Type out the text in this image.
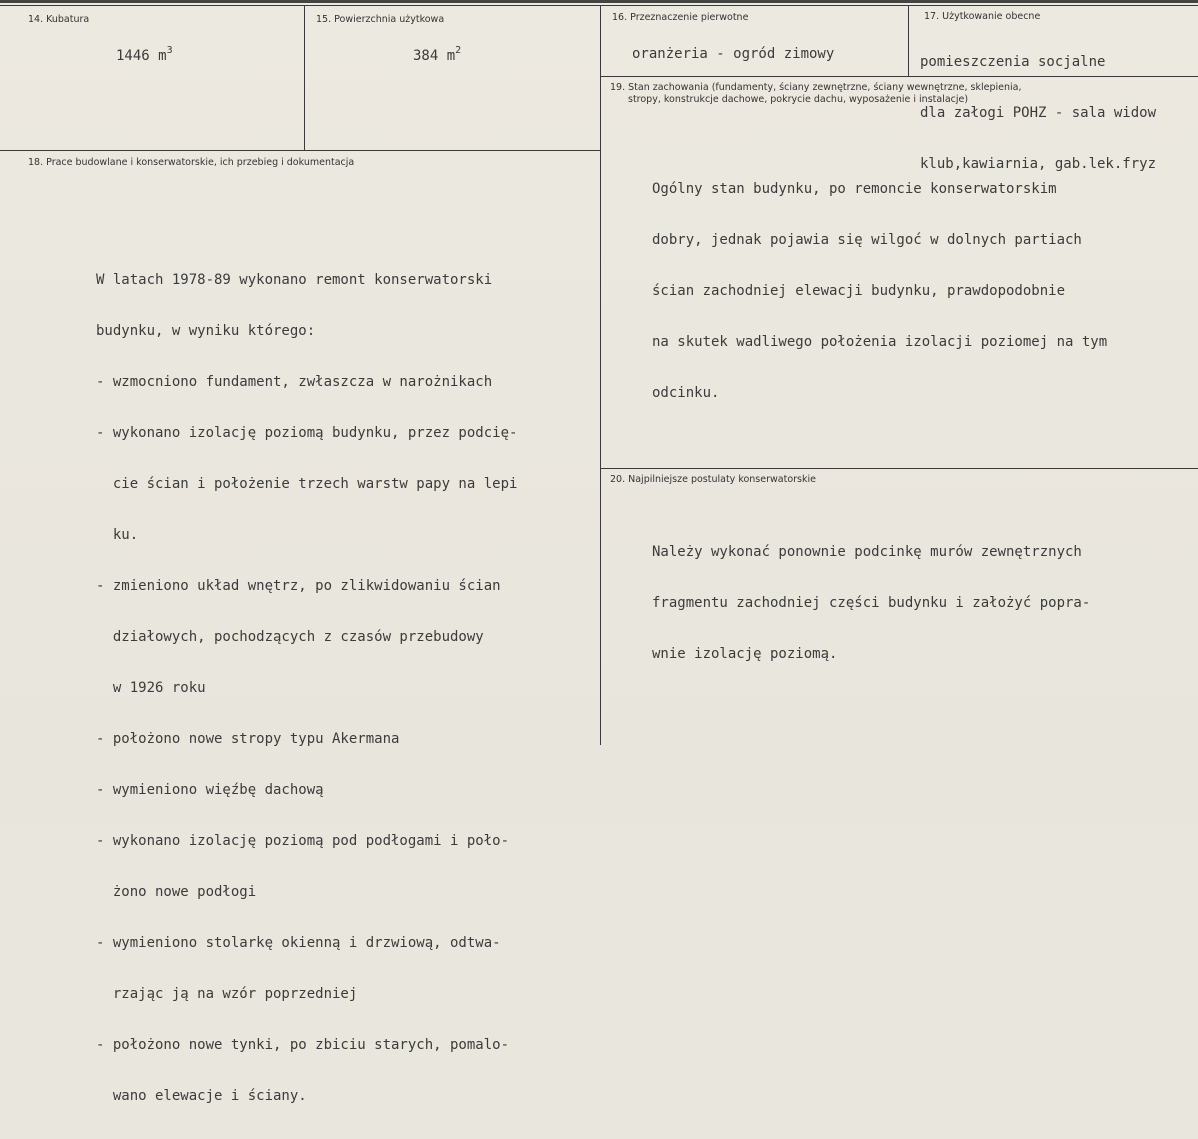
14. Kubatura
1446 $m^3$
15. Powierzchnia użytkowa
384 $m^2$
16. Przeznaczenie pierwotne
oranżeria - ogród zimowy
17. Użytkowanie obecne

pomieszczenia socjalne

dla załogi POHZ - sala widow

klub,kawiarnia, gab.lek.fryz

19. Stan zachowania (fundamenty, ściany zewnętrzne, ściany wewnętrzne, sklepienia,
stropy, konstrukcje dachowe, pokrycie dachu, wyposażenie i instalacje)

Ogólny stan budynku, po remoncie konserwatorskim

dobry, jednak pojawia się wilgoć w dolnych partiach

ścian zachodniej elewacji budynku, prawdopodobnie

na skutek wadliwego położenia izolacji poziomej na tym

odcinku.

18. Prace budowlane i konserwatorskie, ich przebieg i dokumentacja

W latach 1978-89 wykonano remont konserwatorski

budynku, w wyniku którego:

- wzmocniono fundament, zwłaszcza w narożnikach

- wykonano izolację poziomą budynku, przez podcię-

cie ścian i położenie trzech warstw papy na lepi

ku.

- zmieniono układ wnętrz, po zlikwidowaniu ścian

działowych, pochodzących z czasów przebudowy

w 1926 roku

- położono nowe stropy typu Akermana

- wymieniono więźbę dachową

- wykonano izolację poziomą pod podłogami i poło-

żono nowe podłogi

- wymieniono stolarkę okienną i drzwiową, odtwa-

rzając ją na wzór poprzedniej

- położono nowe tynki, po zbiciu starych, pomalo-

wano elewacje i ściany.

20. Najpilniejsze postulaty konserwatorskie

Należy wykonać ponownie podcinkę murów zewnętrznych

fragmentu zachodniej części budynku i założyć popra-

wnie izolację poziomą.
